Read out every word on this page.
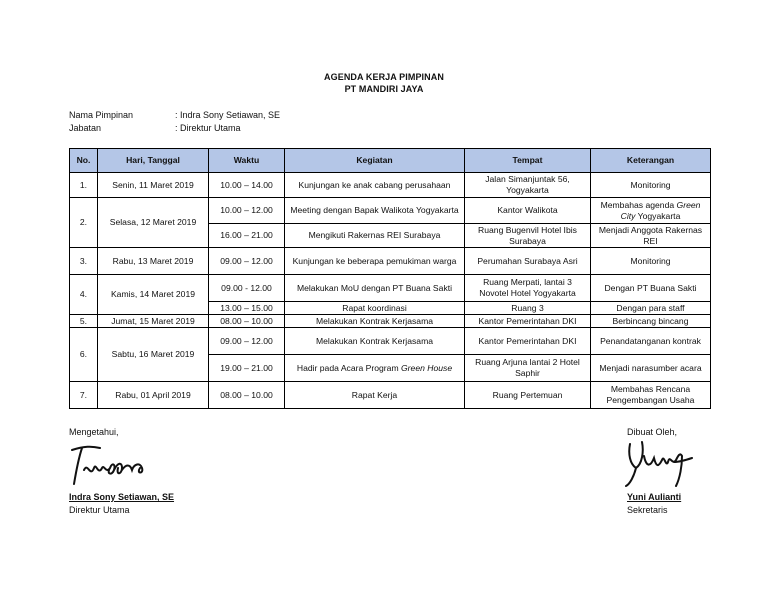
AGENDA KERJA PIMPINAN
PT MANDIRI JAYA
Nama Pimpinan	: Indra Sony Setiawan, SE
Jabatan	: Direktur Utama
No.	Hari, Tanggal	Waktu	Kegiatan	Tempat	Keterangan
1.	Senin, 11 Maret 2019	10.00 – 14.00	Kunjungan ke anak cabang perusahaan	Jalan Simanjuntak 56, Yogyakarta	Monitoring
2.	Selasa, 12 Maret 2019	10.00 – 12.00	Meeting dengan Bapak Walikota Yogyakarta	Kantor Walikota	Membahas agenda Green City Yogyakarta
		16.00 – 21.00	Mengikuti Rakernas REI Surabaya	Ruang Bugenvil Hotel Ibis Surabaya	Menjadi Anggota Rakernas REI
3.	Rabu, 13 Maret 2019	09.00 – 12.00	Kunjungan ke beberapa pemukiman warga	Perumahan Surabaya Asri	Monitoring
4.	Kamis, 14 Maret 2019	09.00 - 12.00	Melakukan MoU dengan PT Buana Sakti	Ruang Merpati, lantai 3 Novotel Hotel Yogyakarta	Dengan PT Buana Sakti
		13.00 – 15.00	Rapat koordinasi	Ruang 3	Dengan para staff
5.	Jumat, 15 Maret 2019	08.00 – 10.00	Melakukan Kontrak Kerjasama	Kantor Pemerintahan DKI	Berbincang bincang
6.	Sabtu, 16 Maret 2019	09.00 – 12.00	Melakukan Kontrak Kerjasama	Kantor Pemerintahan DKI	Penandatanganan kontrak
		19.00 – 21.00	Hadir pada Acara Program Green House	Ruang Arjuna lantai 2 Hotel Saphir	Menjadi narasumber acara
7.	Rabu, 01 April 2019	08.00 – 10.00	Rapat Kerja	Ruang Pertemuan	Membahas Rencana Pengembangan Usaha
Mengetahui,
Indra Sony Setiawan, SE
Direktur Utama
Dibuat Oleh,
Yuni Aulianti
Sekretaris
